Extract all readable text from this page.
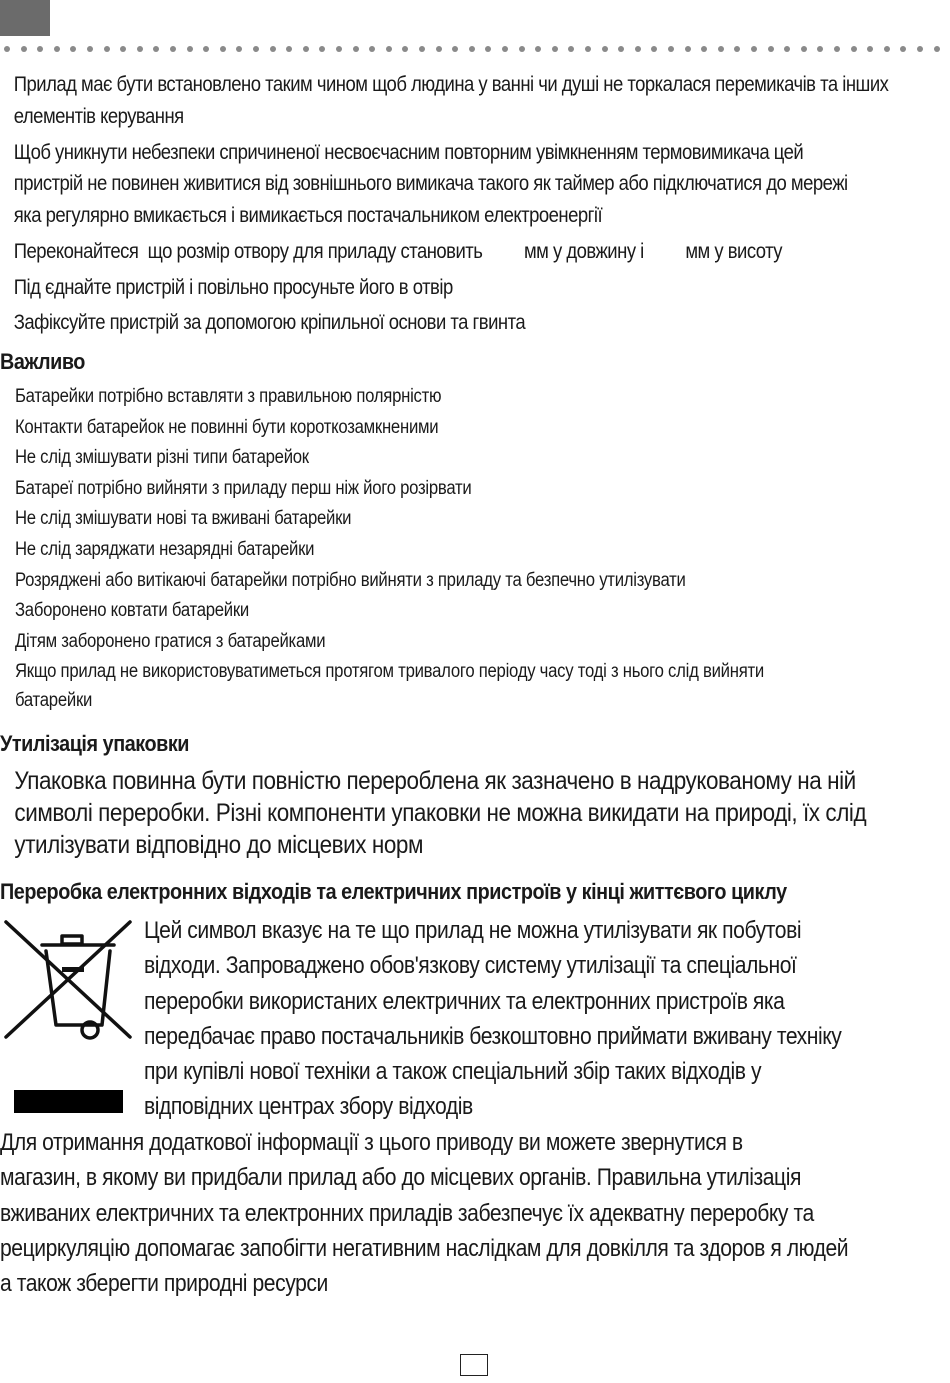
Прилад має бути встановлено таким чином щоб людина у ванні чи душі не торкалася перемикачів та інших
елементів керування
Щоб уникнути небезпеки спричиненої несвоєчасним повторним увімкненням термовимикача цей
пристрій не повинен живитися від зовнішнього вимикача такого як таймер або підключатися до мережі
яка регулярно вмикається і вимикається постачальником електроенергії
Переконайтеся  що розмір отвору для приладу становить         мм у довжину і         мм у висоту
Під єднайте пристрій і повільно просуньте його в отвір
Зафіксуйте пристрій за допомогою кріпильної основи та гвинта
Важливо
Батарейки потрібно вставляти з правильною полярністю
Контакти батарейок не повинні бути короткозамкненими
Не слід змішувати різні типи батарейок
Батареї потрібно вийняти з приладу перш ніж його розірвати
Не слід змішувати нові та вживані батарейки
Не слід заряджати незарядні батарейки
Розряджені або витікаючі батарейки потрібно вийняти з приладу та безпечно утилізувати
Заборонено ковтати батарейки
Дітям заборонено гратися з батарейками
Якщо прилад не використовуватиметься протягом тривалого періоду часу тоді з нього слід вийняти
батарейки
Утилізація упаковки
Упаковка повинна бути повністю перероблена як зазначено в надрукованому на ній
символі переробки. Різні компоненти упаковки не можна викидати на природі, їх слід
утилізувати відповідно до місцевих норм
Переробка електронних відходів та електричних пристроїв у кінці життєвого циклу
Цей символ вказує на те що прилад не можна утилізувати як побутові
відходи. Запроваджено обов'язкову систему утилізації та спеціальної
переробки використаних електричних та електронних пристроїв яка
передбачає право постачальників безкоштовно приймати вживану техніку
при купівлі нової техніки а також спеціальний збір таких відходів у
відповідних центрах збору відходів
Для отримання додаткової інформації з цього приводу ви можете звернутися в
магазин, в якому ви придбали прилад або до місцевих органів. Правильна утилізація
вживаних електричних та електронних приладів забезпечує їх адекватну переробку та
рециркуляцію допомагає запобігти негативним наслідкам для довкілля та здоров я людей
а також зберегти природні ресурси
